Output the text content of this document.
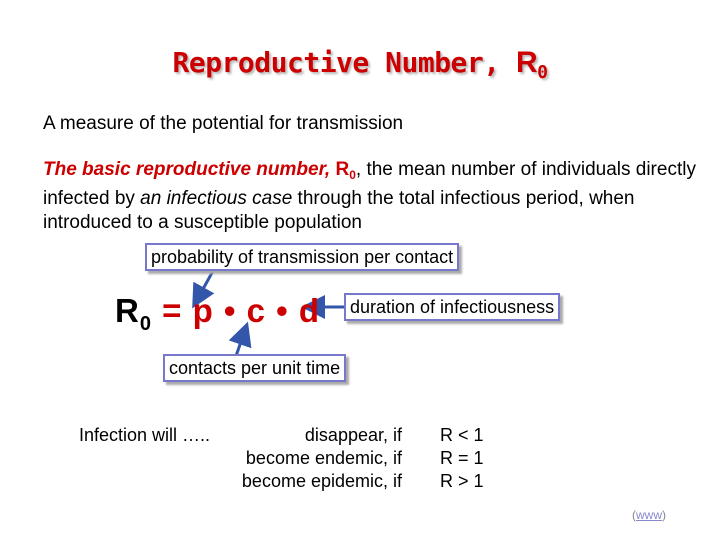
Reproductive Number, $R_0$
A measure of the potential for transmission
The basic reproductive number, $R_0$, the mean number of individuals directly infected by an infectious case through the total infectious period, when introduced to a susceptible population
probability of transmission per contact
duration of infectiousness
contacts per unit time
$R_0 = p$ • c • d
Infection will …..	disappear, if
become endemic, if
become epidemic, if
R < 1
R = 1
R > 1
(www)
